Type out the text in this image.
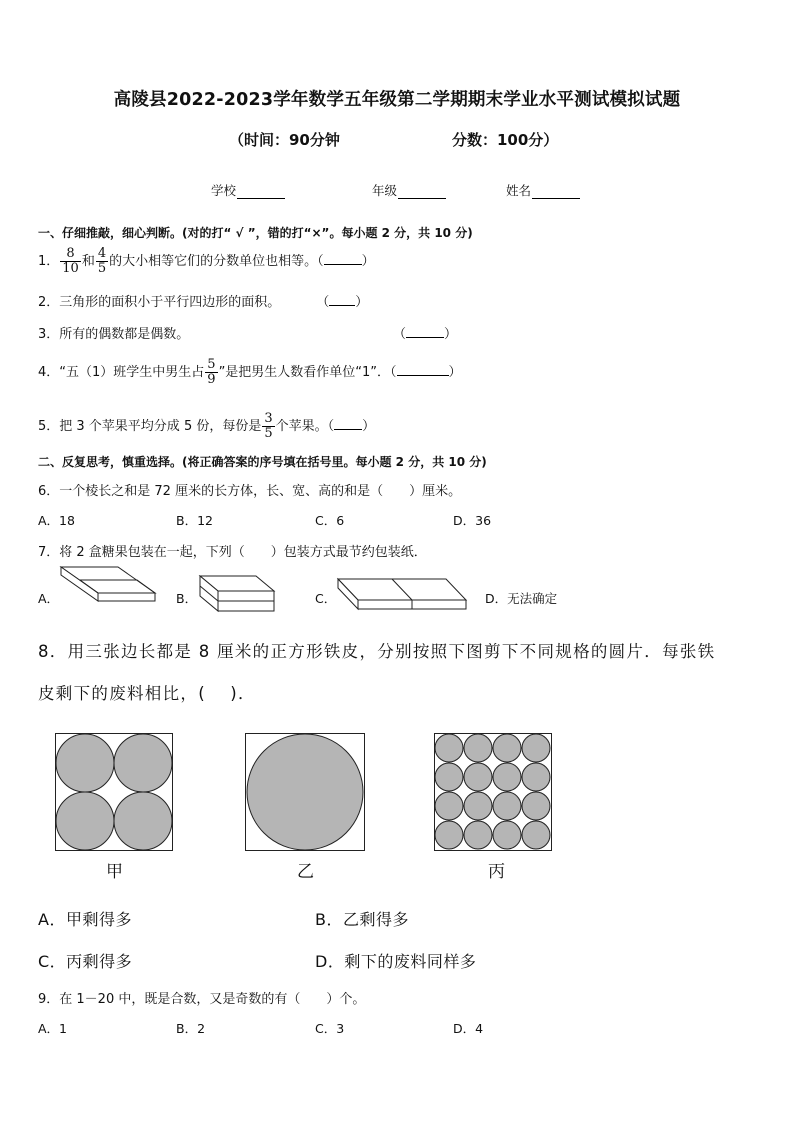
高陵县2022-2023学年数学五年级第二学期期末学业水平测试模拟试题
（时间：90分钟	分数：100分）
学校	年级	姓名
一、仔细推敲，细心判断。(对的打“ √ ”，错的打“×”。每小题 2 分，共 10 分)
1． $\frac{8}{10}$ 和 $\frac{4}{5}$ 的大小相等它们的分数单位也相等。（	）
2．三角形的面积小于平行四边形的面积。	（ ）
3．所有的偶数都是偶数。	（	）
4．“五（1）班学生中男生占 $\frac{5}{9}$ ”是把男生人数看作单位“1”．（	）
5．把 3 个苹果平均分成 5 份，每份是 $\frac{3}{5}$ 个苹果。（ ）
二、反复思考，慎重选择。(将正确答案的序号填在括号里。每小题 2 分，共 10 分)
6．一个棱长之和是 72 厘米的长方体，长、宽、高的和是（　　）厘米。
A．18	B．12	C．6	D．36
7．将 2 盒糖果包装在一起，下列（　　）包装方式最节约包装纸．
A．	B．	C．	D．无法确定
8．用三张边长都是 8 厘米的正方形铁皮，分别按照下图剪下不同规格的圆片．每张铁
皮剩下的废料相比，(　 )．
甲	乙	丙
A．甲剩得多	B．乙剩得多
C．丙剩得多	D．剩下的废料同样多
9．在 1－20 中，既是合数，又是奇数的有（　　）个。
A．1	B．2	C．3	D．4
